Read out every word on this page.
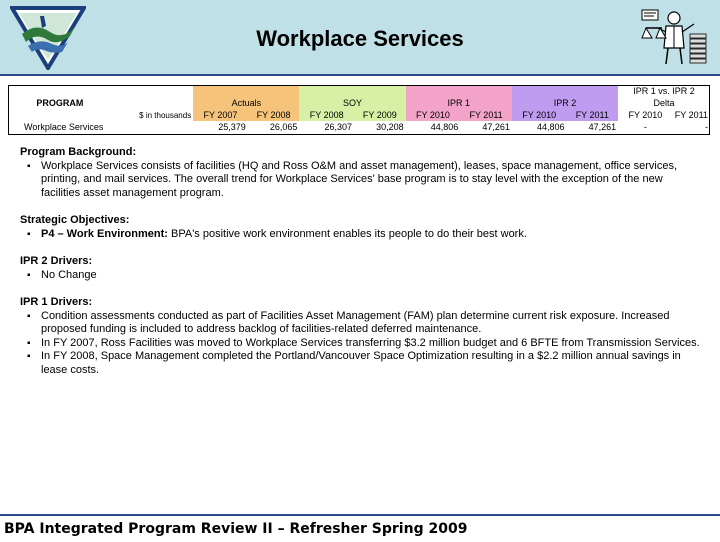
Workplace Services
										IPR 1 vs. IPR 2	
PROGRAM		Actuals		SOY		IPR 1		IPR 2		Delta	
	$ in thousands	FY 2007	FY 2008	FY 2008	FY 2009	FY 2010	FY 2011	FY 2010	FY 2011	FY 2010	FY 2011
Workplace Services		25,379	26,065	26,307	30,208	44,806	47,261	44,806	47,261	-	-
Program Background:
▪ Workplace Services consists of facilities (HQ and Ross O&M and asset management), leases, space management, office services, printing, and mail services. The overall trend for Workplace Services' base program is to stay level with the exception of the new facilities asset management program.
Strategic Objectives:
▪ P4 – Work Environment: BPA's positive work environment enables its people to do their best work.
IPR 2 Drivers:
▪ No Change
IPR 1 Drivers:
▪ Condition assessments conducted as part of Facilities Asset Management (FAM) plan determine current risk exposure. Increased proposed funding is included to address backlog of facilities-related deferred maintenance.
▪ In FY 2007, Ross Facilities was moved to Workplace Services transferring $3.2 million budget and 6 BFTE from Transmission Services.
▪ In FY 2008, Space Management completed the Portland/Vancouver Space Optimization resulting in a $2.2 million annual savings in lease costs.
BPA Integrated Program Review II – Refresher Spring 2009
